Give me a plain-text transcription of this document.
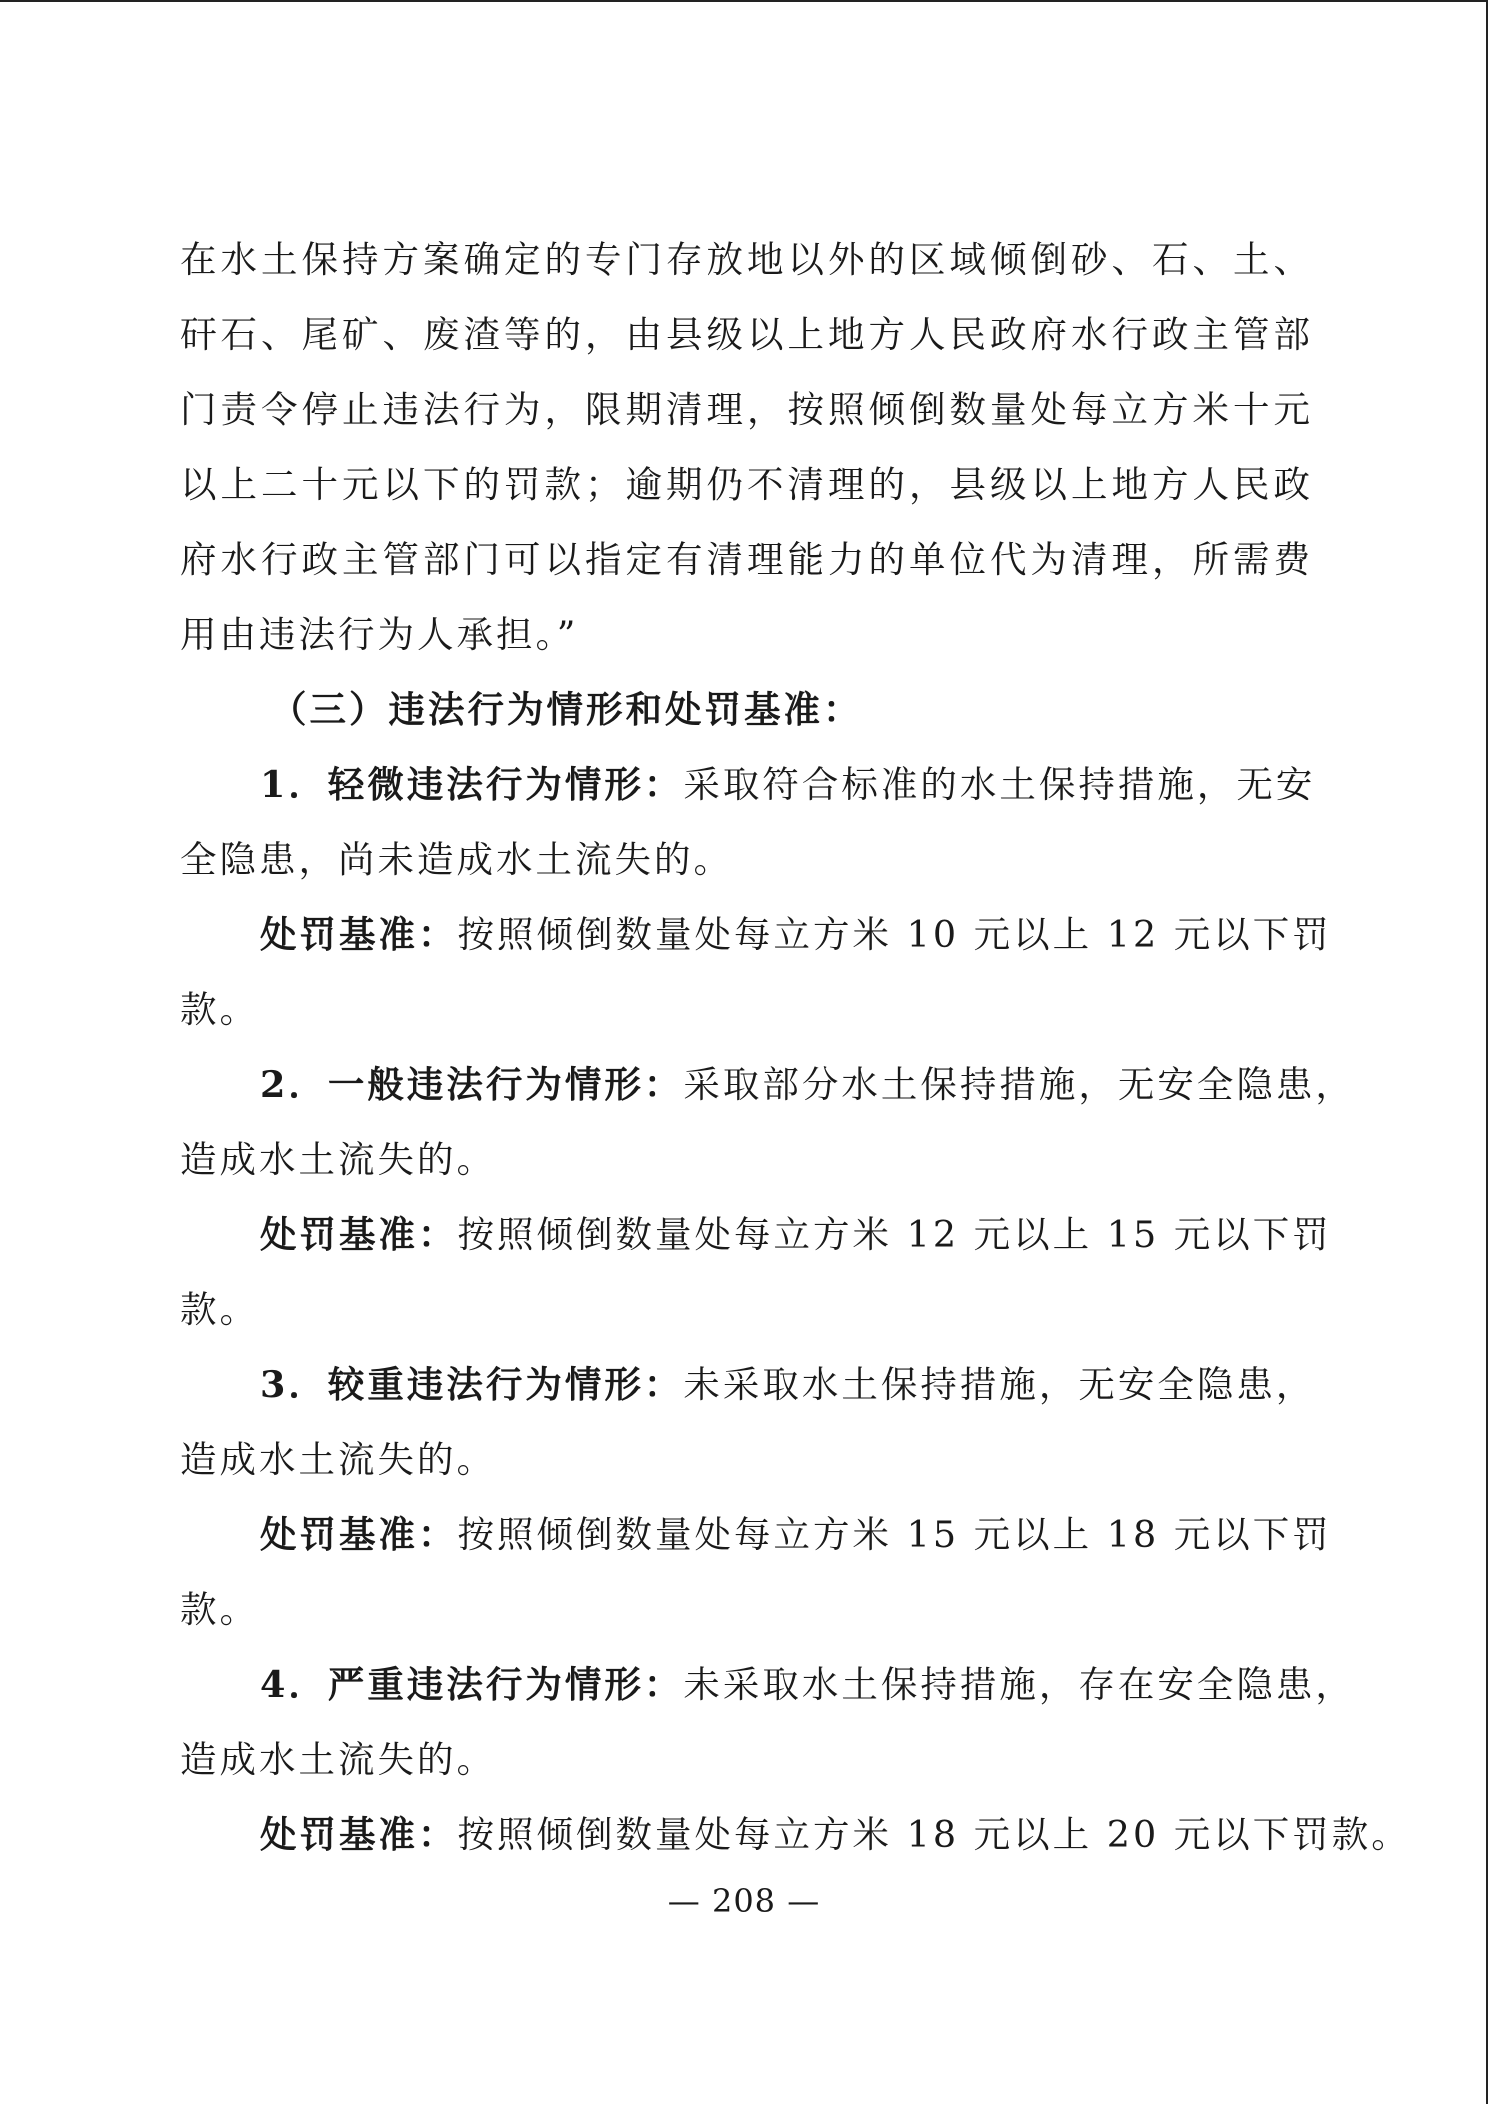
在水土保持方案确定的专门存放地以外的区域倾倒砂、石、土、
矸石、尾矿、废渣等的，由县级以上地方人民政府水行政主管部
门责令停止违法行为，限期清理，按照倾倒数量处每立方米十元
以上二十元以下的罚款；逾期仍不清理的，县级以上地方人民政
府水行政主管部门可以指定有清理能力的单位代为清理，所需费
用由违法行为人承担。”
（三）违法行为情形和处罚基准：
1．轻微违法行为情形：采取符合标准的水土保持措施，无安
全隐患，尚未造成水土流失的。
处罚基准：按照倾倒数量处每立方米 10 元以上 12 元以下罚
款。
2．一般违法行为情形：采取部分水土保持措施，无安全隐患，
造成水土流失的。
处罚基准：按照倾倒数量处每立方米 12 元以上 15 元以下罚
款。
3．较重违法行为情形：未采取水土保持措施，无安全隐患，
造成水土流失的。
处罚基准：按照倾倒数量处每立方米 15 元以上 18 元以下罚
款。
4．严重违法行为情形：未采取水土保持措施，存在安全隐患，
造成水土流失的。
处罚基准：按照倾倒数量处每立方米 18 元以上 20 元以下罚款。
— 208 —
